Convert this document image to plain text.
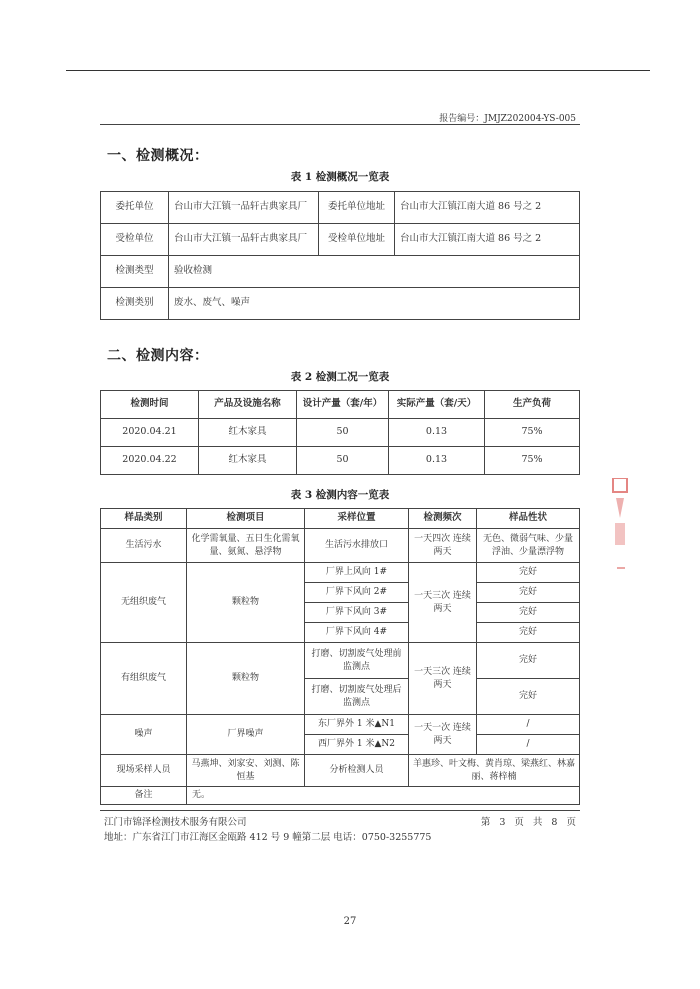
报告编号：JMJZ202004-YS-005
一、检测概况：
表 1 检测概况一览表
委托单位	台山市大江镇一品轩古典家具厂	委托单位地址	台山市大江镇江南大道 86 号之 2
受检单位	台山市大江镇一品轩古典家具厂	受检单位地址	台山市大江镇江南大道 86 号之 2
检测类型	验收检测		
检测类别	废水、废气、噪声		
二、检测内容：
表 2 检测工况一览表
检测时间	产品及设施名称	设计产量（套/年）	实际产量（套/天）	生产负荷
2020.04.21	红木家具	50	0.13	75%
2020.04.22	红木家具	50	0.13	75%
表 3 检测内容一览表
样品类别	检测项目	采样位置	检测频次	样品性状
生活污水	化学需氧量、五日生化需氧量、氨氮、悬浮物	生活污水排放口	一天四次 连续两天	无色、微弱气味、少量浮油、少量漂浮物
无组织废气	颗粒物	厂界上风向 1#	一天三次 连续两天	完好
		厂界下风向 2#		完好
		厂界下风向 3#		完好
		厂界下风向 4#		完好
有组织废气	颗粒物	打磨、切割废气处理前监测点	一天三次 连续两天	完好
		打磨、切割废气处理后监测点		完好
噪声	厂界噪声	东厂界外 1 米▲N1	一天一次 连续两天	/
		西厂界外 1 米▲N2		/
现场采样人员	马燕坤、刘家安、刘测、陈恒基	分析检测人员	羊惠珍、叶文梅、黄肖琼、梁燕红、林嘉丽、蒋梓楠	
备注	无。			
江门市锦泽检测技术服务有限公司	第 3 页 共 8 页
地址：广东省江门市江海区金瓯路 412 号 9 幢第二层 电话：0750-3255775
27
